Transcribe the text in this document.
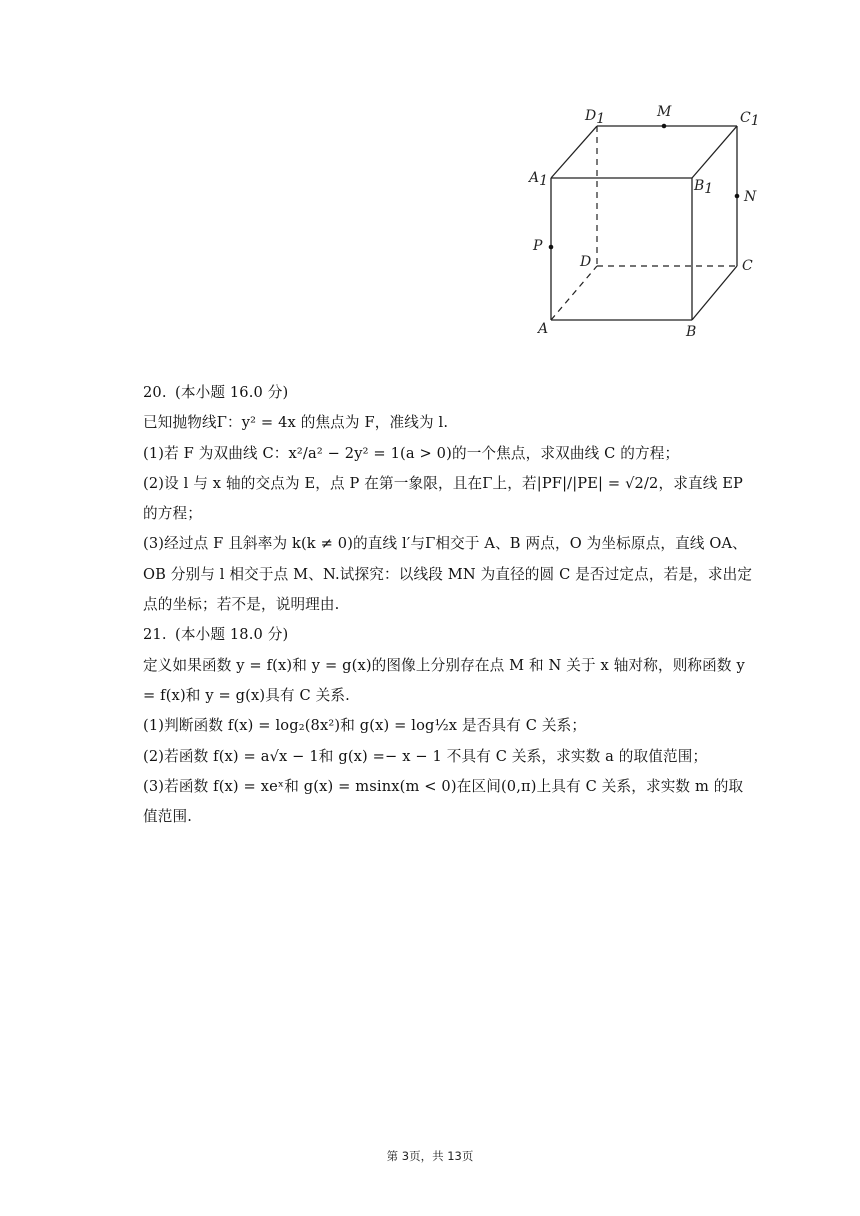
D1	M	C1
A1	B1 N
P
D	C
A	B

20. (本小题 16.0 分)

已知抛物线Γ：y² = 4x 的焦点为 F，准线为 l.

(1)若 F 为双曲线 C：x²/a² − 2y² = 1(a > 0)的一个焦点，求双曲线 C 的方程；

(2)设 l 与 x 轴的交点为 E，点 P 在第一象限，且在Γ上，若|PF|/|PE| = √2/2，求直线 EP 的方程；

(3)经过点 F 且斜率为 k(k ≠ 0)的直线 l′与Γ相交于 A、B 两点，O 为坐标原点，直线 OA、OB 分别与 l 相交于点 M、N.试探究：以线段 MN 为直径的圆 C 是否过定点，若是，求出定点的坐标；若不是，说明理由.

21. (本小题 18.0 分)

定义如果函数 y = f(x)和 y = g(x)的图像上分别存在点 M 和 N 关于 x 轴对称，则称函数 y = f(x)和 y = g(x)具有 C 关系.

(1)判断函数 f(x) = log₂(8x²)和 g(x) = log½x 是否具有 C 关系；

(2)若函数 f(x) = a√x − 1和 g(x) =− x − 1 不具有 C 关系，求实数 a 的取值范围；

(3)若函数 f(x) = xeˣ和 g(x) = msinx(m < 0)在区间(0,π)上具有 C 关系，求实数 m 的取值范围.

第 3页，共 13页
